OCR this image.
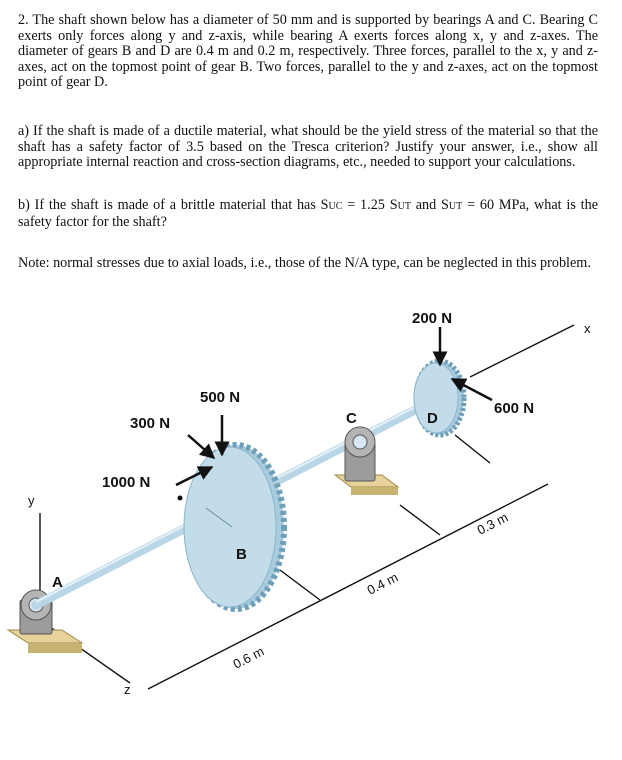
2. The shaft shown below has a diameter of 50 mm and is supported by bearings A and C. Bearing C exerts only forces along y and z-axis, while bearing A exerts forces along x, y and z-axes. The diameter of gears B and D are 0.4 m and 0.2 m, respectively. Three forces, parallel to the x, y and z-axes, act on the topmost point of gear B. Two forces, parallel to the y and z-axes, act on the topmost point of gear D.
a) If the shaft is made of a ductile material, what should be the yield stress of the material so that the shaft has a safety factor of 3.5 based on the Tresca criterion? Justify your answer, i.e., show all appropriate internal reaction and cross-section diagrams, etc., needed to support your calculations.
b) If the shaft is made of a brittle material that has SUC = 1.25 SUT and SUT = 60 MPa, what is the safety factor for the shaft?
Note: normal stresses due to axial loads, i.e., those of the N/A type, can be neglected in this problem.
y
z
x
0.6 m
0.4 m
0.3 m
A
B
C	D
500 N
300 N
1000 N
200 N
600 N
